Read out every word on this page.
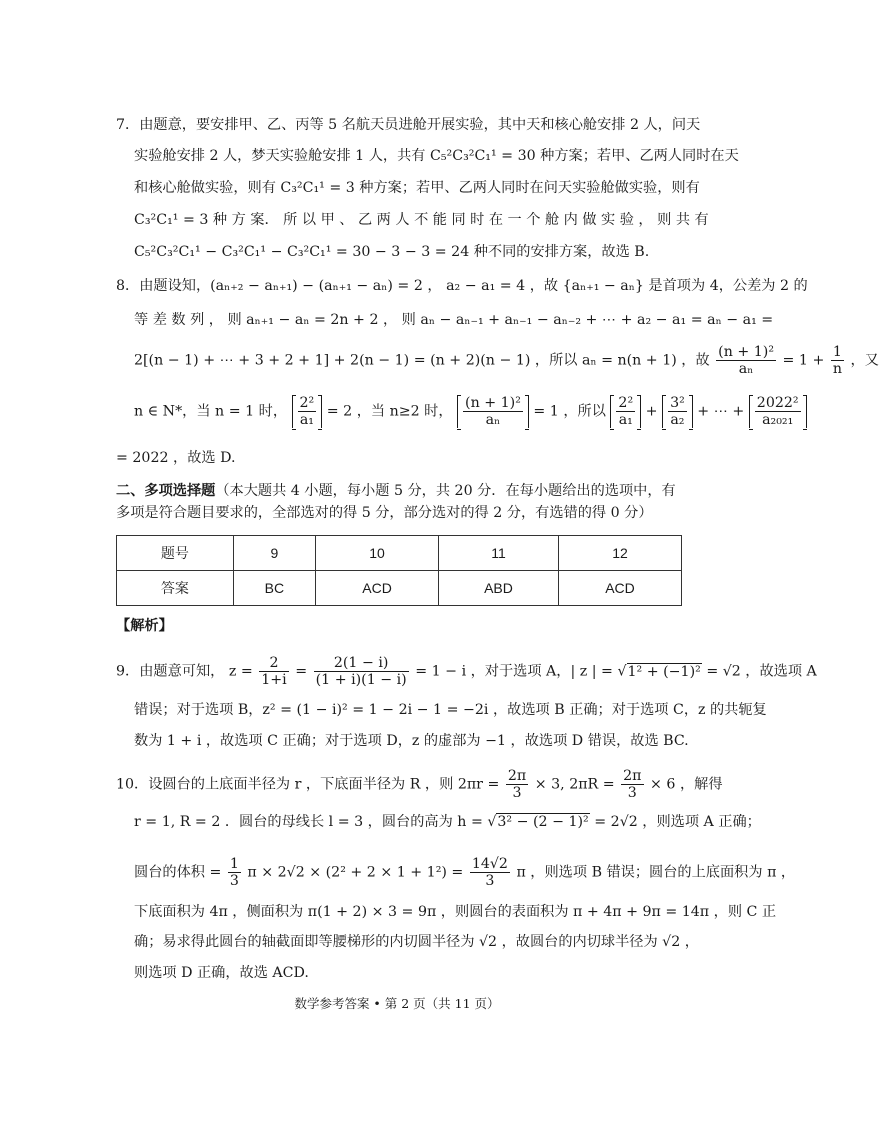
7．由题意，要安排甲、乙、丙等 5 名航天员进舱开展实验，其中天和核心舱安排 2 人，问天
实验舱安排 2 人，梦天实验舱安排 1 人，共有 C₅²C₃²C₁¹ = 30 种方案；若甲、乙两人同时在天
和核心舱做实验，则有 C₃²C₁¹ = 3 种方案；若甲、乙两人同时在问天实验舱做实验，则有
C₃²C₁¹ = 3 种 方 案． 所 以 甲 、 乙 两 人 不 能 同 时 在 一 个 舱 内 做 实 验 ， 则 共 有
C₅²C₃²C₁¹ − C₃²C₁¹ − C₃²C₁¹ = 30 − 3 − 3 = 24 种不同的安排方案，故选 B.
8．由题设知，(aₙ₊₂ − aₙ₊₁) − (aₙ₊₁ − aₙ) = 2 ， a₂ − a₁ = 4 ，故 {aₙ₊₁ − aₙ} 是首项为 4，公差为 2 的
等 差 数 列 ， 则 aₙ₊₁ − aₙ = 2n + 2 ， 则 aₙ − aₙ₋₁ + aₙ₋₁ − aₙ₋₂ + ⋯ + a₂ − a₁ = aₙ − a₁ =
2[(n − 1) + ⋯ + 3 + 2 + 1] + 2(n − 1) = (n + 2)(n − 1) ，所以 aₙ = n(n + 1) ，故 $\frac{\text{(n + 1)²}}{\text{aₙ}} = 1 + \frac{1}{n}$ ，又
n ∈ N*，当 n = 1 时， $\frac{\text{2²}}{\text{a₁}} = 2$ ，当 n≥2 时， $\frac{\text{(n + 1)²}}{\text{aₙ}} = 1$ ，所以 $\frac{\text{2²}}{\text{a₁}} + \frac{\text{3²}}{\text{a₂}}$ + ⋯ + $\frac{\text{2022²}}{\text{a₂₀₂₁}}$
= 2022 ，故选 D.
二、多项选择题（本大题共 4 小题，每小题 5 分，共 20 分．在每小题给出的选项中，有多项是符合题目要求的，全部选对的得 5 分，部分选对的得 2 分，有选错的得 0 分）
题号	9	10	11	12
答案	BC	ACD	ABD	ACD
【解析】
9．由题意可知， $z = \frac{2}{1+i} = \frac{2(1 - i)}{(1 + i)(1 - i)} = 1 - i$ ，对于选项 A，| z | = √1² + (−1)² = √2 ，故选项 A
错误；对于选项 B，z² = (1 − i)² = 1 − 2i − 1 = −2i ，故选项 B 正确；对于选项 C，z 的共轭复
数为 1 + i ，故选项 C 正确；对于选项 D，z 的虚部为 −1 ，故选项 D 错误，故选 BC.
10．设圆台的上底面半径为 r ，下底面半径为 R ，则 $2\pi r = \frac{2\pi}{3} \times 3$, $2\pi R = \frac{2\pi}{3} \times 6$ ，解得
r = 1, R = 2 ．圆台的母线长 l = 3 ，圆台的高为 h = √3² − (2 − 1)² = 2√2 ，则选项 A 正确；
圆台的体积 = $\frac{1}{3}$ $\pi \times 2√2 \times (2^2 + 2 \times 1 + 1^2) = \frac{14√2}{3}$ π ，则选项 B 错误；圆台的上底面积为 π ，
下底面积为 4π ，侧面积为 π(1 + 2) × 3 = 9π ，则圆台的表面积为 π + 4π + 9π = 14π ，则 C 正
确；易求得此圆台的轴截面即等腰梯形的内切圆半径为 √2 ，故圆台的内切球半径为 √2 ，
则选项 D 正确，故选 ACD.
数学参考答案 • 第 2 页（共 11 页）
